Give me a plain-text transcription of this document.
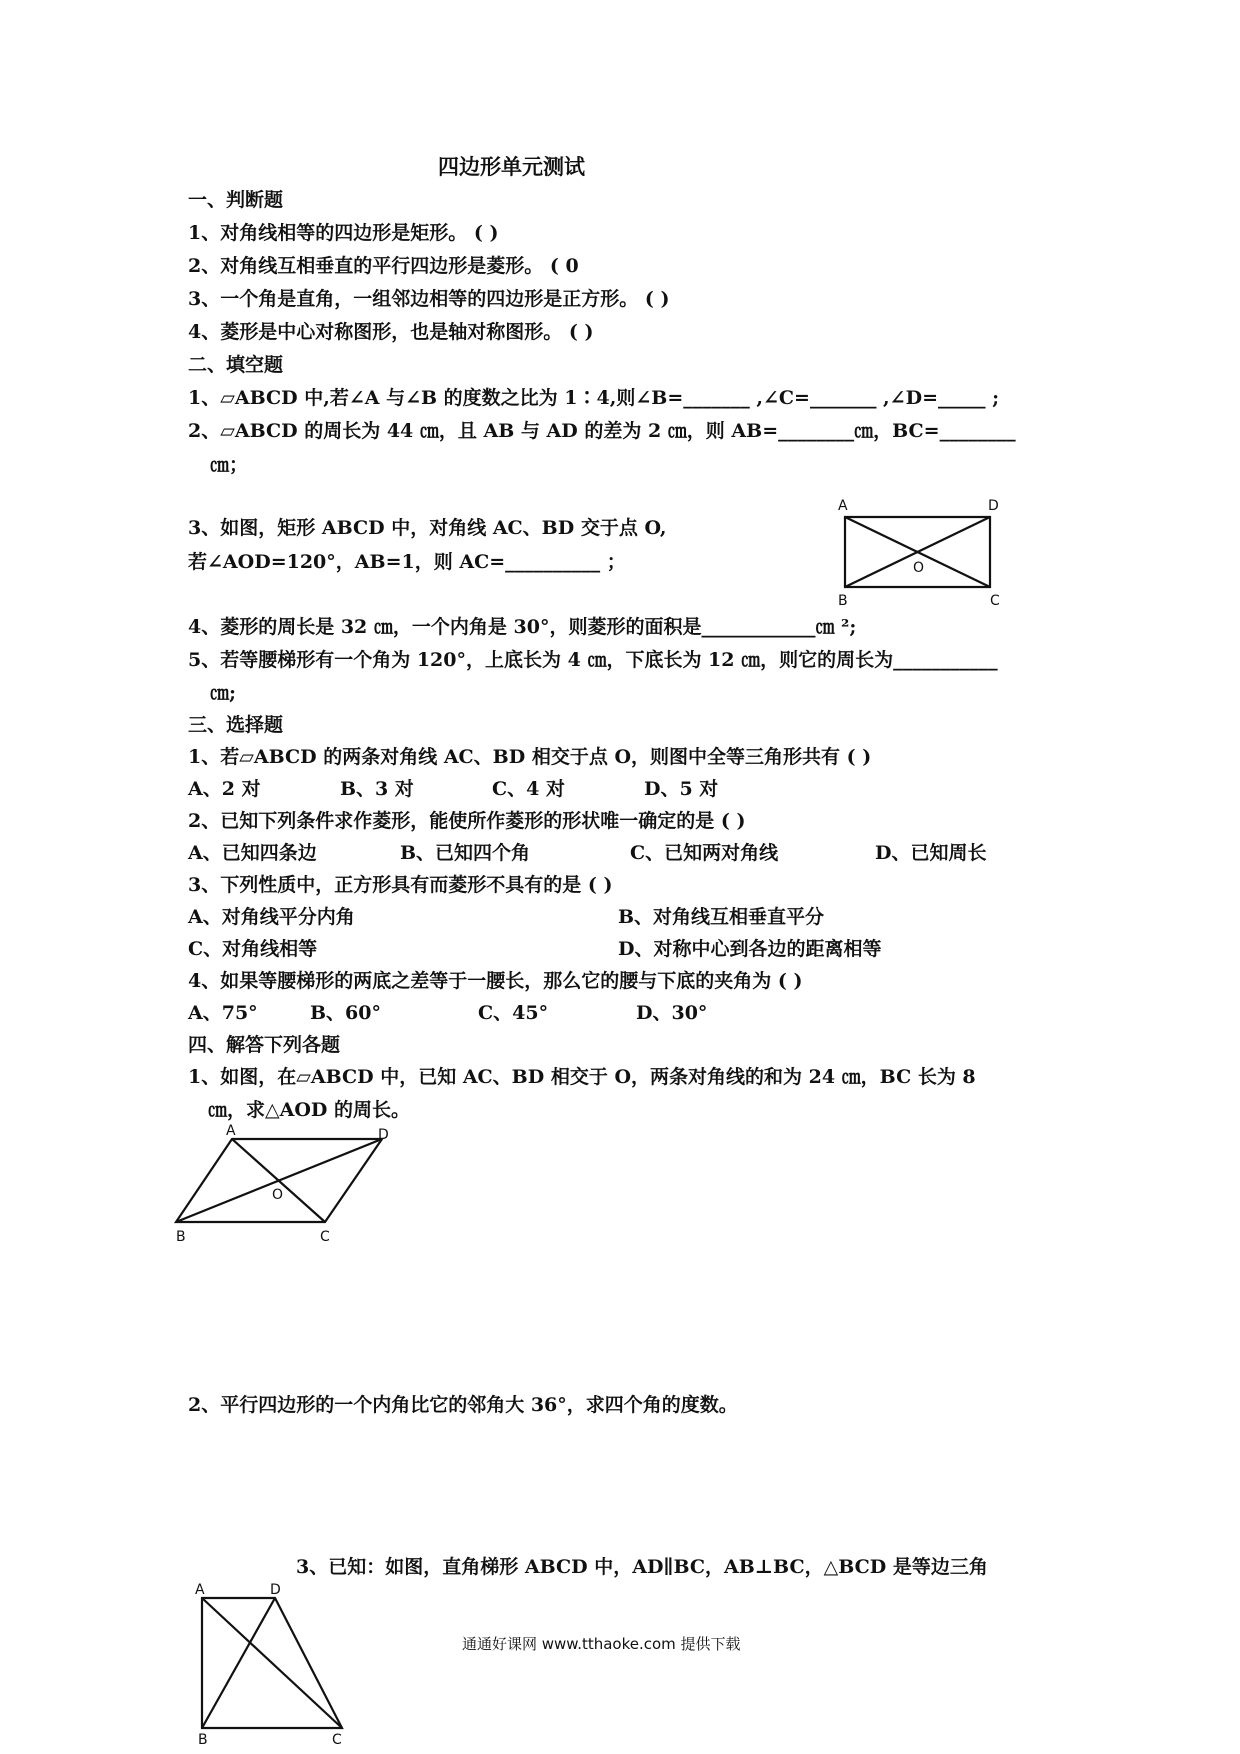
四边形单元测试
一、判断题
1、对角线相等的四边形是矩形。 ( )
2、对角线互相垂直的平行四边形是菱形。 ( 0
3、一个角是直角，一组邻边相等的四边形是正方形。 ( )
4、菱形是中心对称图形，也是轴对称图形。 ( )
二、填空题
1、▱ABCD 中,若∠A 与∠B 的度数之比为 1∶4,则∠B=_______ ,∠C=_______ ,∠D=_____ ;
2、▱ABCD 的周长为 44 ㎝，且 AB 与 AD 的差为 2 ㎝，则 AB=________㎝，BC=________
㎝；
3、如图，矩形 ABCD 中，对角线 AC、BD 交于点 O,
若∠AOD=120°，AB=1，则 AC=__________ ；
A	D
O
B	C
4、菱形的周长是 32 ㎝，一个内角是 30°，则菱形的面积是____________㎝ ²;
5、若等腰梯形有一个角为 120°，上底长为 4 ㎝，下底长为 12 ㎝，则它的周长为___________
㎝;
三、选择题
1、若▱ABCD 的两条对角线 AC、BD 相交于点 O，则图中全等三角形共有 ( )
A、2 对	B、3 对	C、4 对	D、5 对
2、已知下列条件求作菱形，能使所作菱形的形状唯一确定的是 ( )
A、已知四条边	B、已知四个角	C、已知两对角线	D、已知周长
3、下列性质中，正方形具有而菱形不具有的是 ( )
A、对角线平分内角	B、对角线互相垂直平分
C、对角线相等	D、对称中心到各边的距离相等
4、如果等腰梯形的两底之差等于一腰长，那么它的腰与下底的夹角为 ( )
A、75°	B、60°	C、45°	D、30°
四、解答下列各题
1、如图，在▱ABCD 中，已知 AC、BD 相交于 O，两条对角线的和为 24 ㎝，BC 长为 8
㎝，求△AOD 的周长。
A	D
O
B	C
2、平行四边形的一个内角比它的邻角大 36°，求四个角的度数。
3、已知：如图，直角梯形 ABCD 中，AD∥BC，AB⊥BC，△BCD 是等边三角
A	D
B	C
通通好课网 www.tthaoke.com 提供下载
